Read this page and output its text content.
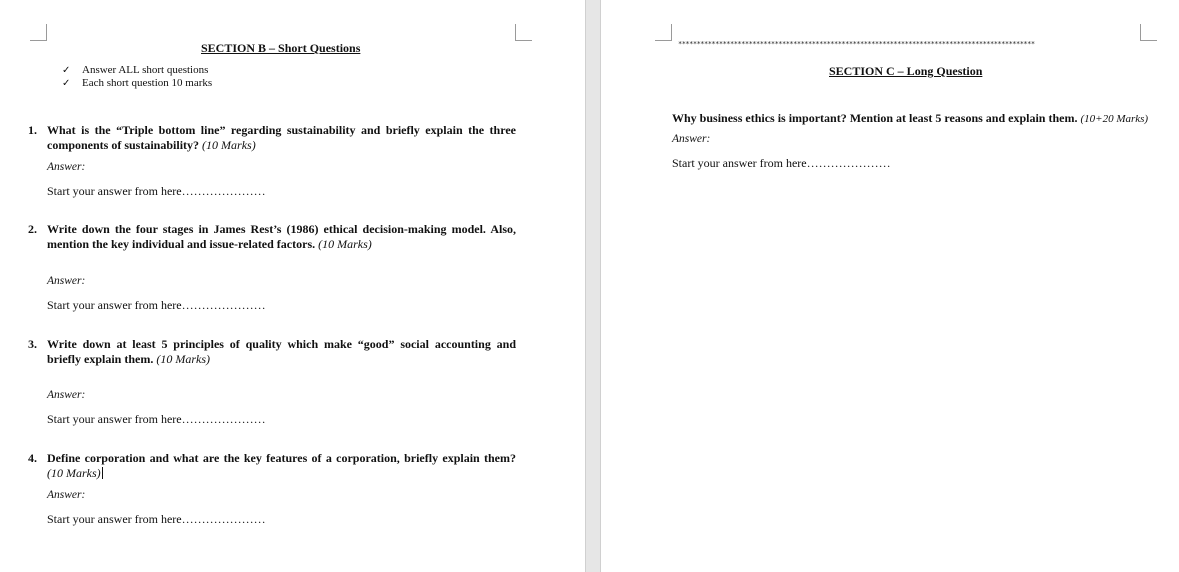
SECTION B – Short Questions
✓	Answer ALL short questions
✓	Each short question 10 marks
1. What is the “Triple bottom line” regarding sustainability and briefly explain the three components of sustainability? (10 Marks)
Answer:
Start your answer from here…………………
2. Write down the four stages in James Rest’s (1986) ethical decision-making model. Also, mention the key individual and issue-related factors. (10 Marks)
Answer:
Start your answer from here…………………
3. Write down at least 5 principles of quality which make “good” social accounting and briefly explain them. (10 Marks)
Answer:
Start your answer from here…………………
4. Define corporation and what are the key features of a corporation, briefly explain them? (10 Marks)
Answer:
Start your answer from here…………………
************************************************************************************************
SECTION C – Long Question
Why business ethics is important? Mention at least 5 reasons and explain them. (10+20 Marks)
Answer:
Start your answer from here…………………
